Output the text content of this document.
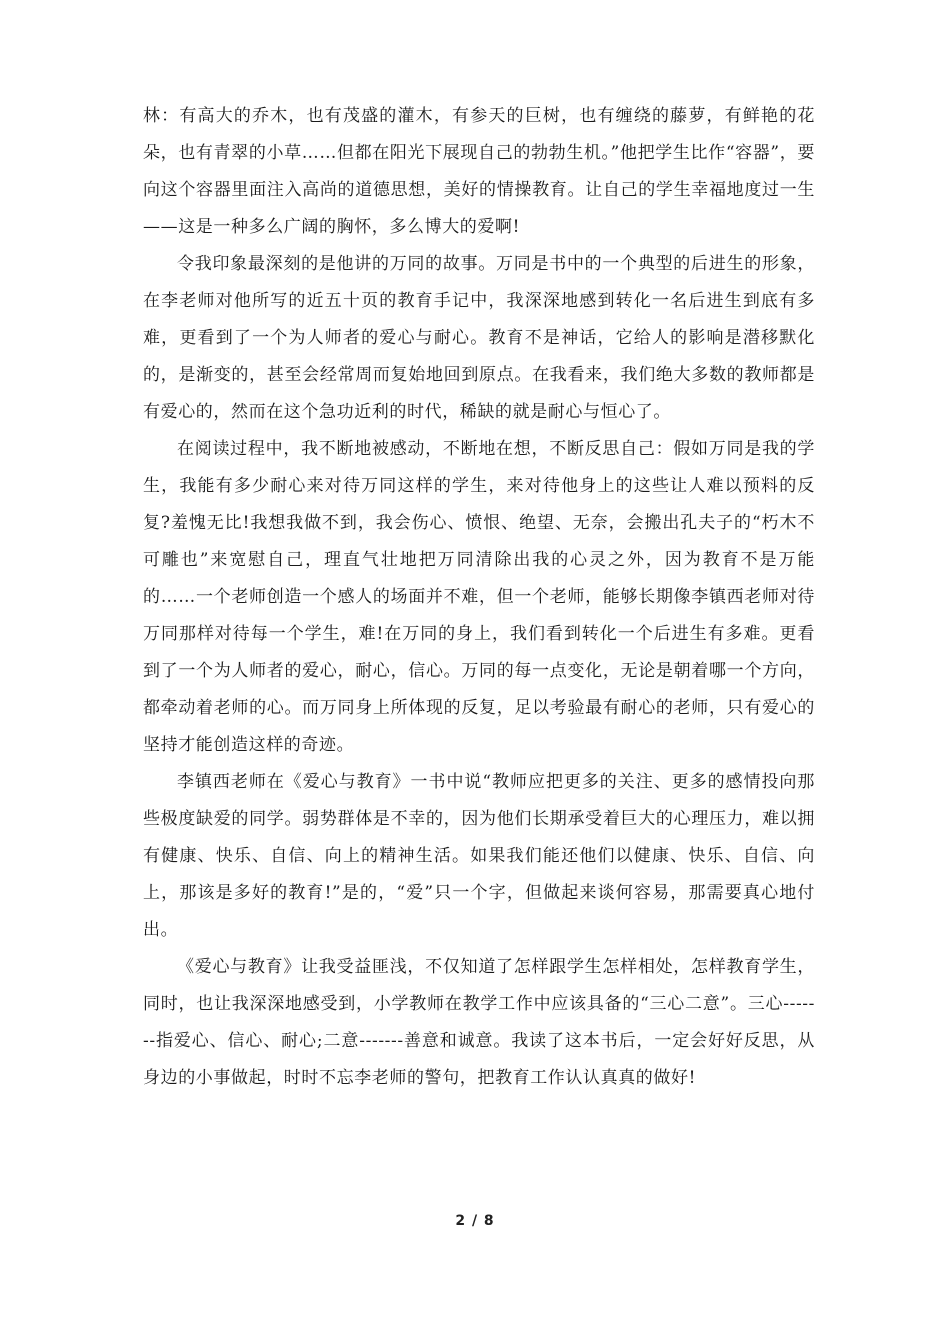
林：有高大的乔木，也有茂盛的灌木，有参天的巨树，也有缠绕的藤萝，有鲜艳的花朵，也有青翠的小草……但都在阳光下展现自己的勃勃生机。”他把学生比作“容器”，要向这个容器里面注入高尚的道德思想，美好的情操教育。让自己的学生幸福地度过一生——这是一种多么广阔的胸怀，多么博大的爱啊!

令我印象最深刻的是他讲的万同的故事。万同是书中的一个典型的后进生的形象，在李老师对他所写的近五十页的教育手记中，我深深地感到转化一名后进生到底有多难，更看到了一个为人师者的爱心与耐心。教育不是神话，它给人的影响是潜移默化的，是渐变的，甚至会经常周而复始地回到原点。在我看来，我们绝大多数的教师都是有爱心的，然而在这个急功近利的时代，稀缺的就是耐心与恒心了。

在阅读过程中，我不断地被感动，不断地在想，不断反思自己：假如万同是我的学生，我能有多少耐心来对待万同这样的学生，来对待他身上的这些让人难以预料的反复?羞愧无比!我想我做不到，我会伤心、愤恨、绝望、无奈，会搬出孔夫子的“朽木不可雕也”来宽慰自己，理直气壮地把万同清除出我的心灵之外，因为教育不是万能的……一个老师创造一个感人的场面并不难，但一个老师，能够长期像李镇西老师对待万同那样对待每一个学生，难!在万同的身上，我们看到转化一个后进生有多难。更看到了一个为人师者的爱心，耐心，信心。万同的每一点变化，无论是朝着哪一个方向，都牵动着老师的心。而万同身上所体现的反复，足以考验最有耐心的老师，只有爱心的坚持才能创造这样的奇迹。

李镇西老师在《爱心与教育》一书中说“教师应把更多的关注、更多的感情投向那些极度缺爱的同学。弱势群体是不幸的，因为他们长期承受着巨大的心理压力，难以拥有健康、快乐、自信、向上的精神生活。如果我们能还他们以健康、快乐、自信、向上，那该是多好的教育!”是的，“爱”只一个字，但做起来谈何容易，那需要真心地付出。

《爱心与教育》让我受益匪浅，不仅知道了怎样跟学生怎样相处，怎样教育学生，同时，也让我深深地感受到，小学教师在教学工作中应该具备的“三心二意”。三心-------指爱心、信心、耐心;二意-------善意和诚意。我读了这本书后，一定会好好反思，从身边的小事做起，时时不忘李老师的警句，把教育工作认认真真的做好!

2 / 8
